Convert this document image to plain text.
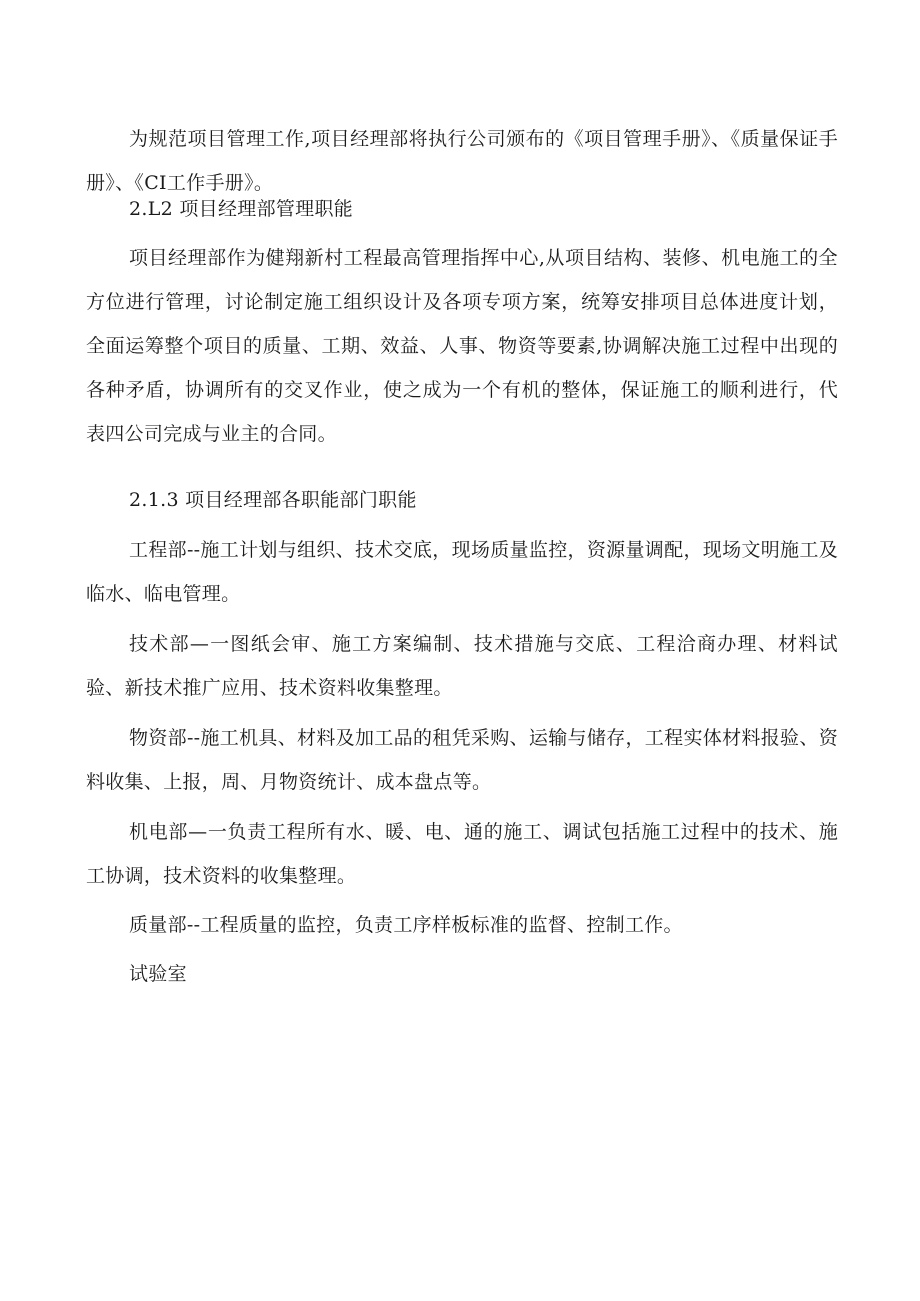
为规范项目管理工作,项目经理部将执行公司颁布的《项目管理手册》、《质量保证手册》、《CI工作手册》。

2.L2 项目经理部管理职能

项目经理部作为健翔新村工程最高管理指挥中心,从项目结构、装修、机电施工的全方位进行管理，讨论制定施工组织设计及各项专项方案，统筹安排项目总体进度计划，全面运筹整个项目的质量、工期、效益、人事、物资等要素,协调解决施工过程中出现的各种矛盾，协调所有的交叉作业，使之成为一个有机的整体，保证施工的顺利进行，代表四公司完成与业主的合同。

2.1.3 项目经理部各职能部门职能

工程部--施工计划与组织、技术交底，现场质量监控，资源量调配，现场文明施工及临水、临电管理。

技术部—一图纸会审、施工方案编制、技术措施与交底、工程洽商办理、材料试验、新技术推广应用、技术资料收集整理。

物资部--施工机具、材料及加工品的租凭采购、运输与储存，工程实体材料报验、资料收集、上报，周、月物资统计、成本盘点等。

机电部—一负责工程所有水、暖、电、通的施工、调试包括施工过程中的技术、施工协调，技术资料的收集整理。

质量部--工程质量的监控，负责工序样板标准的监督、控制工作。

试验室
